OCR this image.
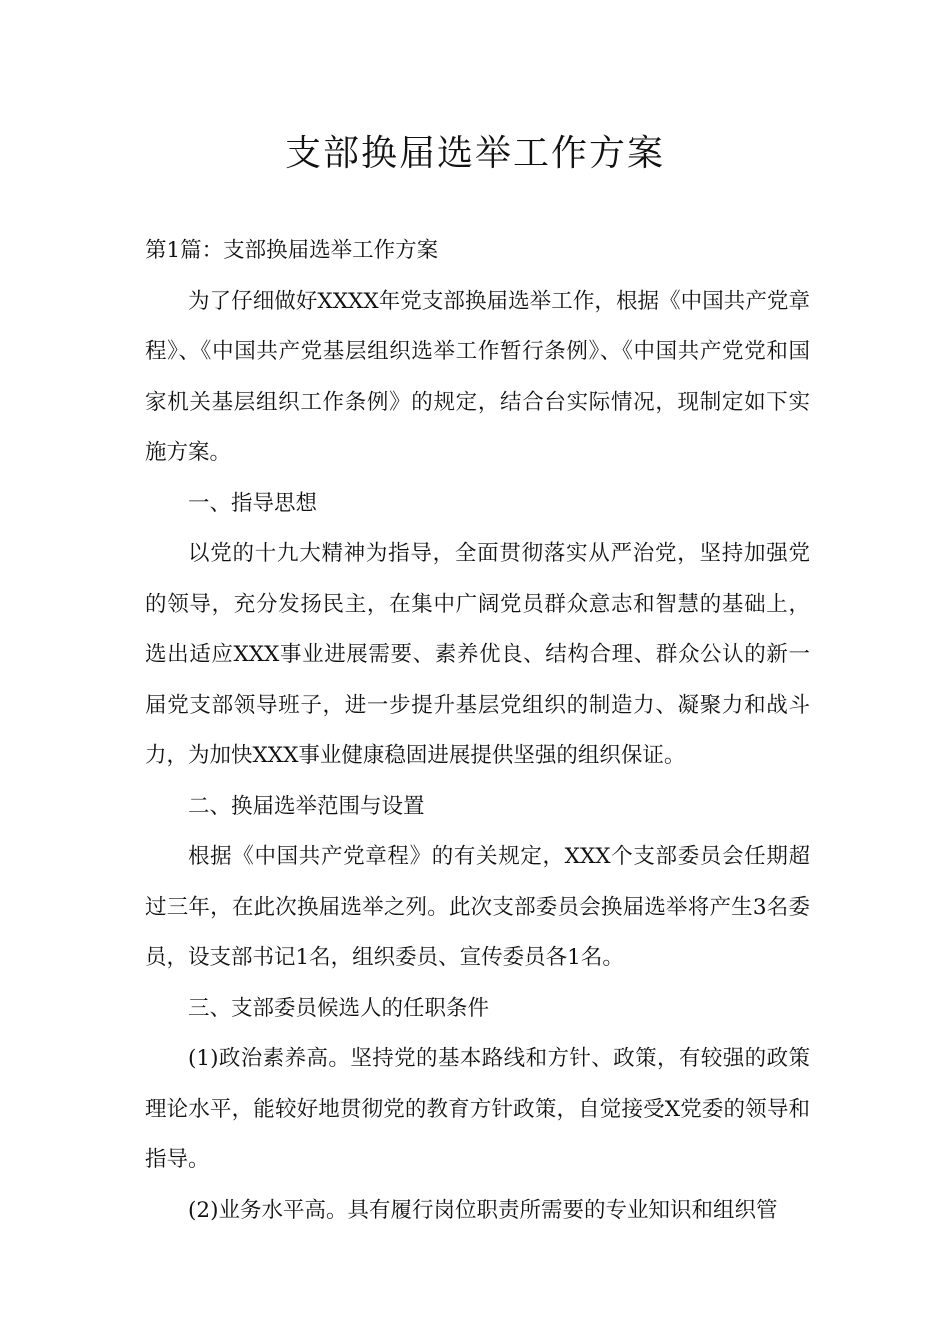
支部换届选举工作方案

第1篇：支部换届选举工作方案

为了仔细做好XXXX年党支部换届选举工作，根据《中国共产党章程》、《中国共产党基层组织选举工作暂行条例》、《中国共产党党和国家机关基层组织工作条例》的规定，结合台实际情况，现制定如下实施方案。

一、指导思想

以党的十九大精神为指导，全面贯彻落实从严治党，坚持加强党的领导，充分发扬民主，在集中广阔党员群众意志和智慧的基础上，选出适应XXX事业进展需要、素养优良、结构合理、群众公认的新一届党支部领导班子，进一步提升基层党组织的制造力、凝聚力和战斗力，为加快XXX事业健康稳固进展提供坚强的组织保证。

二、换届选举范围与设置

根据《中国共产党章程》的有关规定，XXX个支部委员会任期超过三年，在此次换届选举之列。此次支部委员会换届选举将产生3名委员，设支部书记1名，组织委员、宣传委员各1名。

三、支部委员候选人的任职条件

(1)政治素养高。坚持党的基本路线和方针、政策，有较强的政策理论水平，能较好地贯彻党的教育方针政策，自觉接受X党委的领导和指导。

(2)业务水平高。具有履行岗位职责所需要的专业知识和组织管
